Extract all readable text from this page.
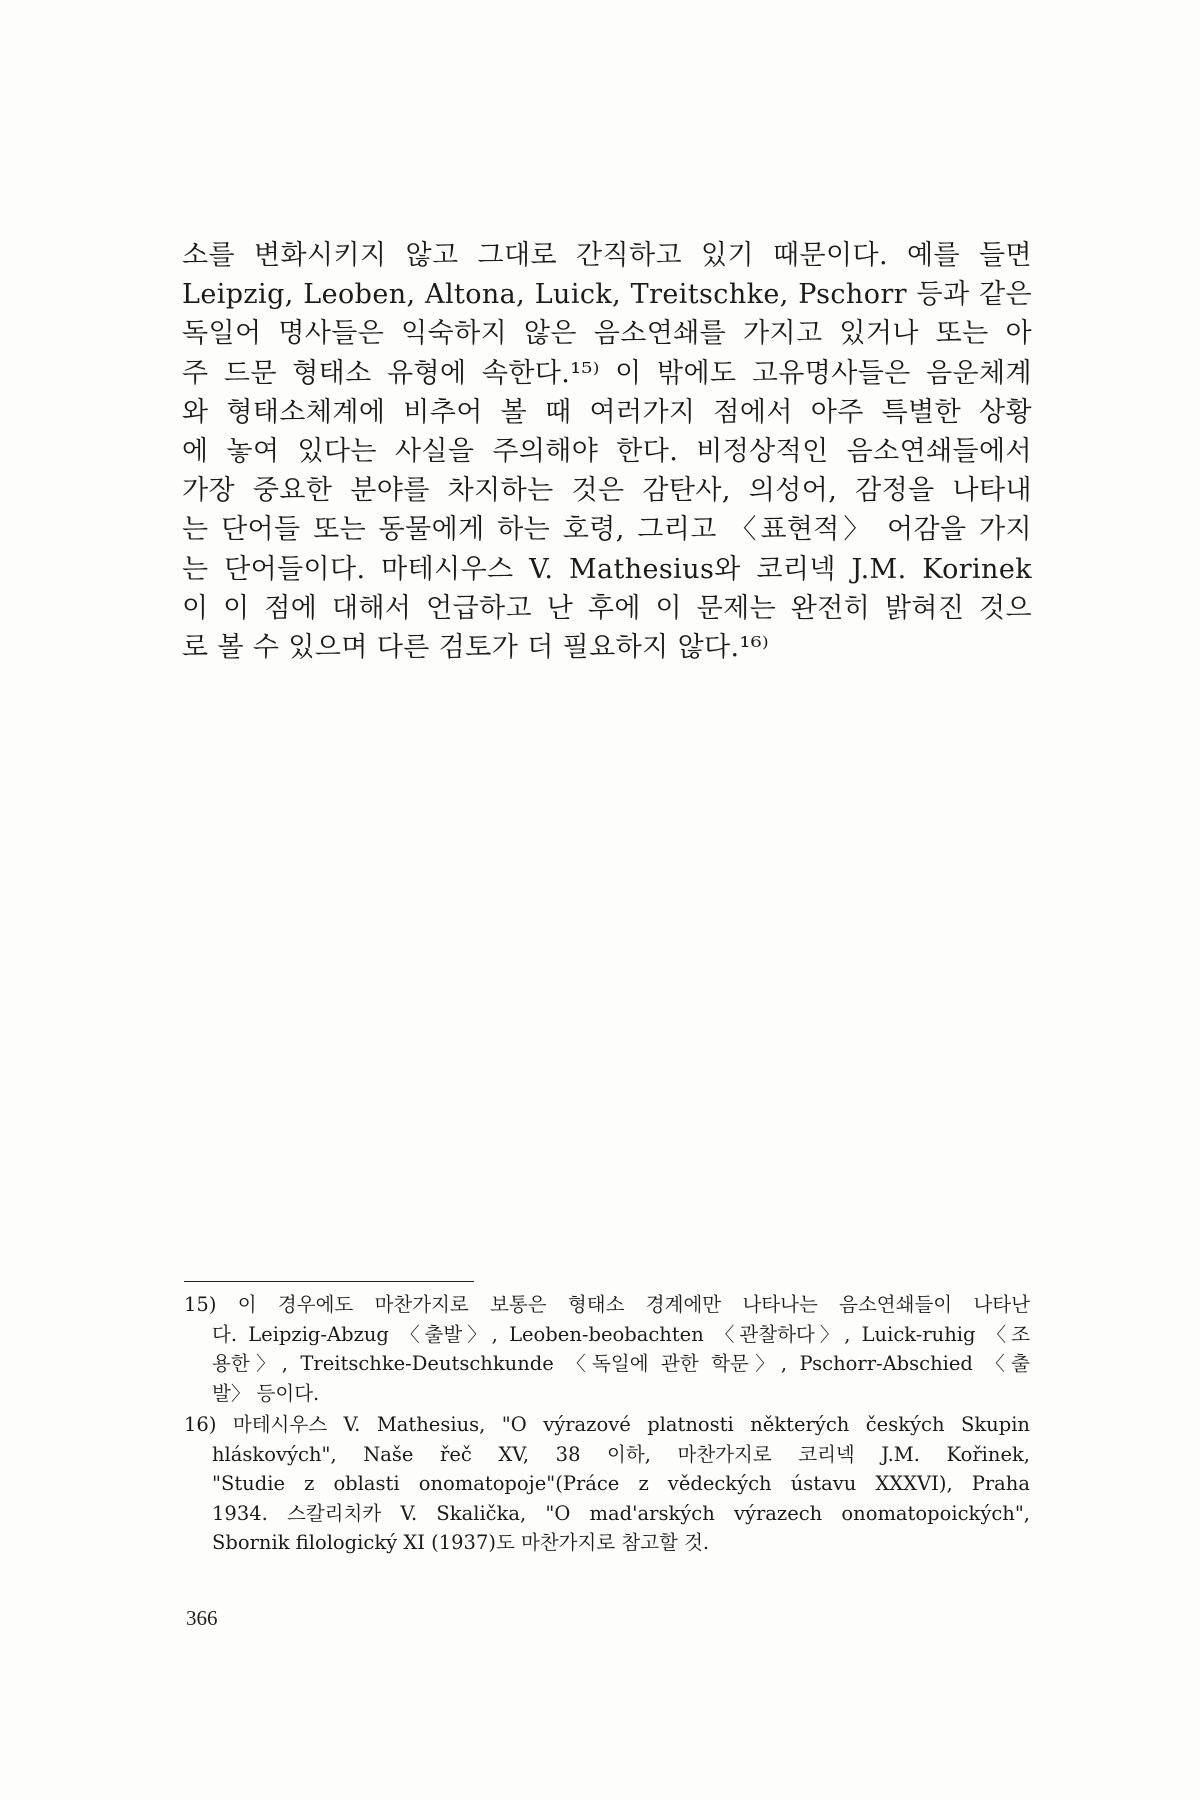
소를 변화시키지 않고 그대로 간직하고 있기 때문이다. 예를 들면
Leipzig, Leoben, Altona, Luick, Treitschke, Pschorr 등과 같은
독일어 명사들은 익숙하지 않은 음소연쇄를 가지고 있거나 또는 아
주 드문 형태소 유형에 속한다.¹⁵⁾ 이 밖에도 고유명사들은 음운체계
와 형태소체계에 비추어 볼 때 여러가지 점에서 아주 특별한 상황
에 놓여 있다는 사실을 주의해야 한다. 비정상적인 음소연쇄들에서
가장 중요한 분야를 차지하는 것은 감탄사, 의성어, 감정을 나타내
는 단어들 또는 동물에게 하는 호령, 그리고 〈표현적〉 어감을 가지
는 단어들이다. 마테시우스 V. Mathesius와 코리넥 J.M. Korinek
이 이 점에 대해서 언급하고 난 후에 이 문제는 완전히 밝혀진 것으
로 볼 수 있으며 다른 검토가 더 필요하지 않다.¹⁶⁾
15) 이 경우에도 마찬가지로 보통은 형태소 경계에만 나타나는 음소연쇄들이 나타난
다. Leipzig-Abzug 〈출발〉, Leoben-beobachten 〈관찰하다〉, Luick-ruhig 〈조
용한〉, Treitschke-Deutschkunde 〈독일에 관한 학문〉, Pschorr-Abschied 〈출
발〉 등이다.
16) 마테시우스 V. Mathesius, "O výrazové platnosti některých českých Skupin
hláskových", Naše řeč XV, 38 이하, 마찬가지로 코리넥 J.M. Kořinek,
"Studie z oblasti onomatopoje"(Práce z vědeckých ústavu XXXVI), Praha
1934. 스칼리치카 V. Skalička, "O mad'arských výrazech onomatopoických",
Sbornik filologický XI (1937)도 마찬가지로 참고할 것.
366
